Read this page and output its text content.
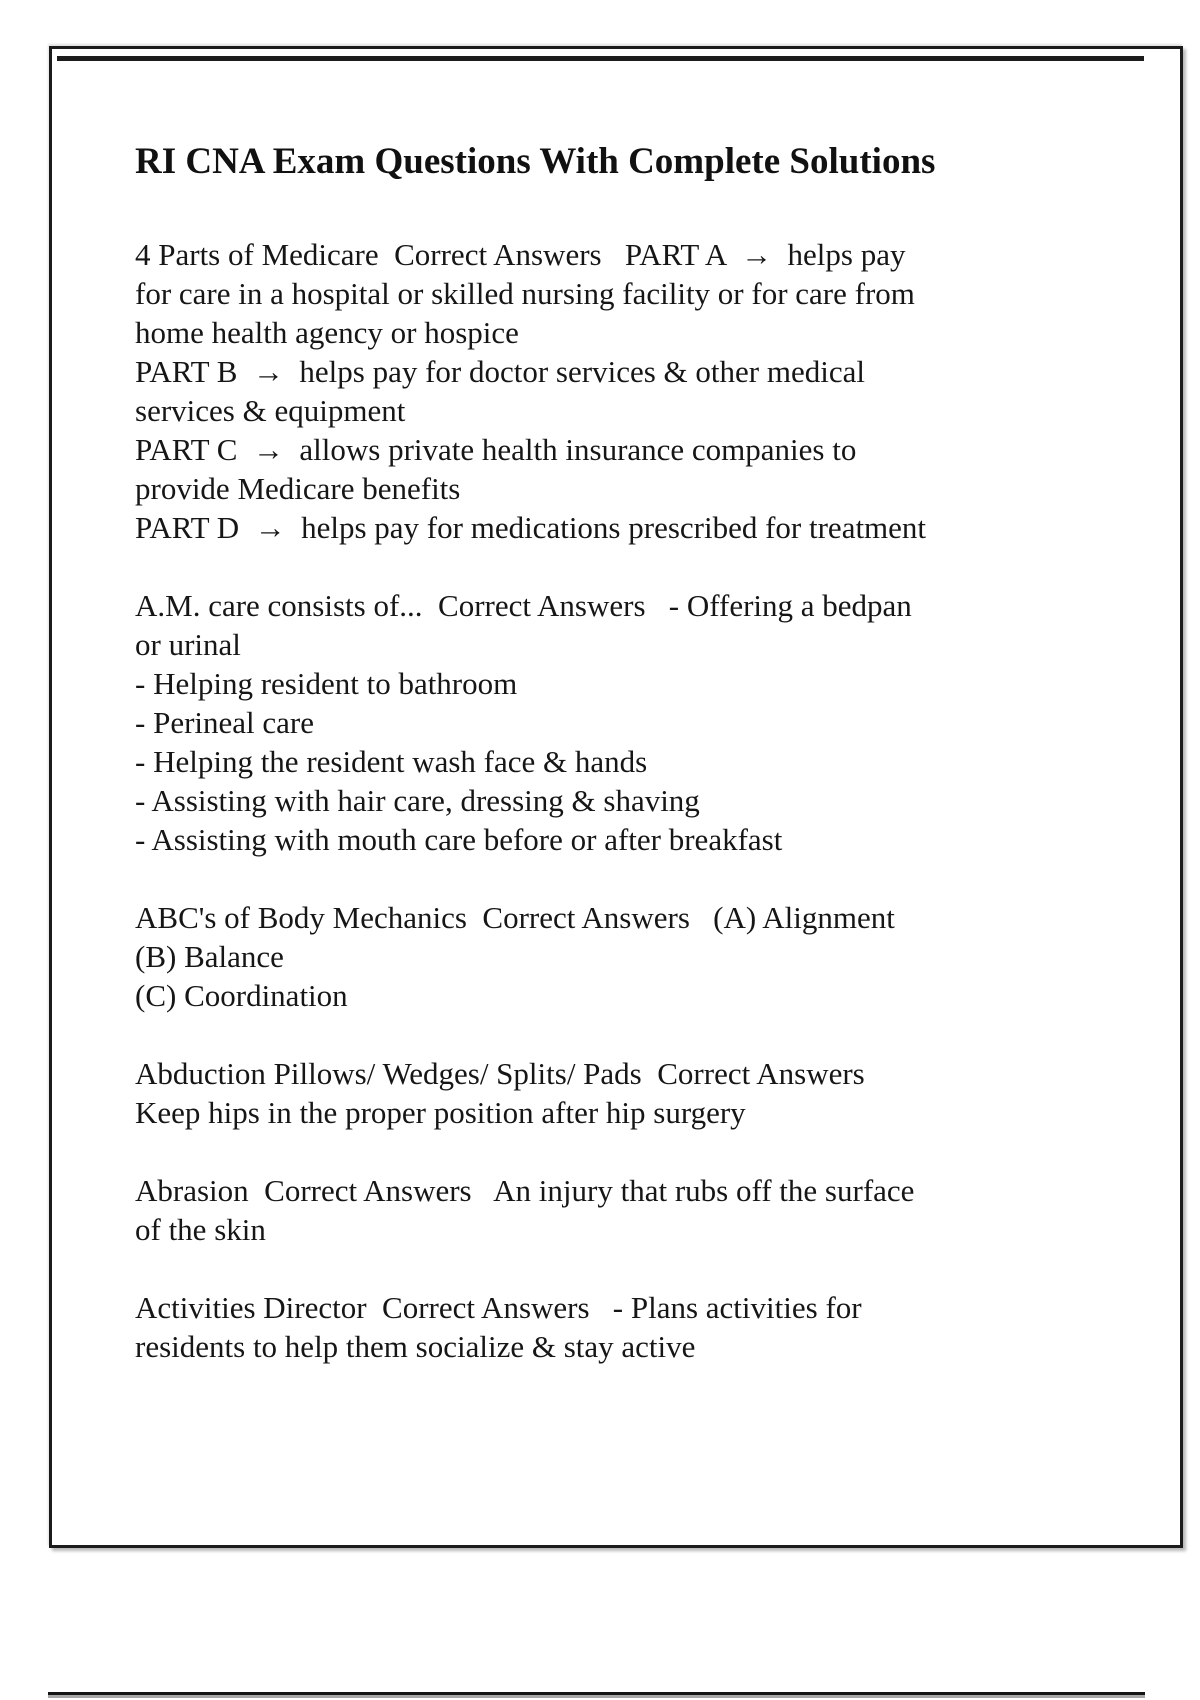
RI CNA Exam Questions With Complete Solutions
4 Parts of Medicare  Correct Answers   PART A  →  helps pay
for care in a hospital or skilled nursing facility or for care from
home health agency or hospice
PART B  →  helps pay for doctor services & other medical
services & equipment
PART C  →  allows private health insurance companies to
provide Medicare benefits
PART D  →  helps pay for medications prescribed for treatment
A.M. care consists of...  Correct Answers   - Offering a bedpan
or urinal
- Helping resident to bathroom
- Perineal care
- Helping the resident wash face & hands
- Assisting with hair care, dressing & shaving
- Assisting with mouth care before or after breakfast
ABC's of Body Mechanics  Correct Answers   (A) Alignment
(B) Balance
(C) Coordination
Abduction Pillows/ Wedges/ Splits/ Pads  Correct Answers
Keep hips in the proper position after hip surgery
Abrasion  Correct Answers   An injury that rubs off the surface
of the skin
Activities Director  Correct Answers   - Plans activities for
residents to help them socialize & stay active
